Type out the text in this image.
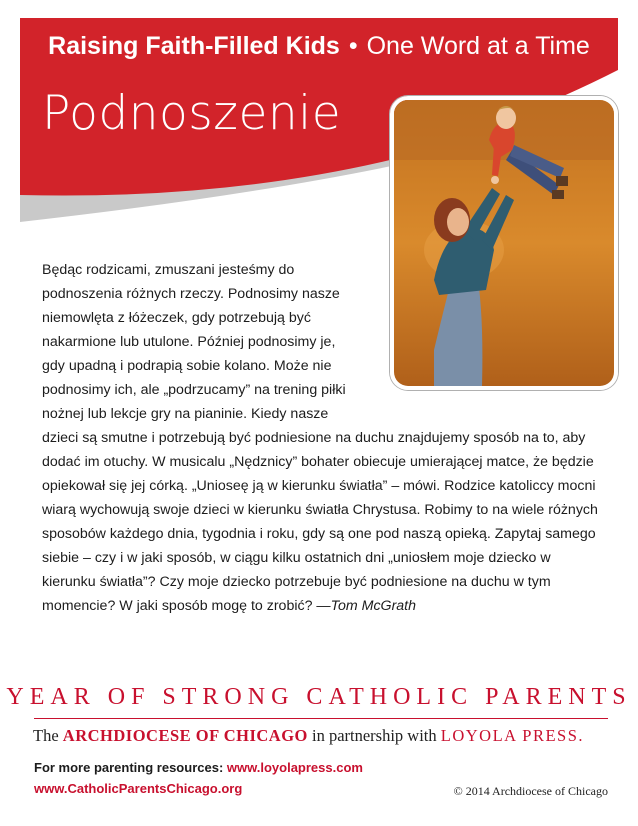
Raising Faith-Filled Kids • One Word at a Time
Podnoszenie
Będąc rodzicami, zmuszani jesteśmy do podnoszenia różnych rzeczy. Podnosimy nasze niemowlęta z łóżeczek, gdy potrzebują być nakarmione lub utulone. Później podnosimy je, gdy upadną i podrapią sobie kolano. Może nie podnosimy ich, ale „podrzucamy” na trening piłki nożnej lub lekcje gry na pianinie. Kiedy nasze dzieci są smutne i potrzebują być podniesione na duchu znajdujemy sposób na to, aby dodać im otuchy. W musicalu „Nędznicy” bohater obiecuje umierającej matce, że będzie opiekował się jej córką. „Unioseę ją w kierunku światła” – mówi. Rodzice katoliccy mocni wiarą wychowują swoje dzieci w kierunku światła Chrystusa. Robimy to na wiele różnych sposobów każdego dnia, tygodnia i roku, gdy są one pod naszą opieką. Zapytaj samego siebie – czy i w jaki sposób, w ciągu kilku ostatnich dni „uniosłem moje dziecko w kierunku światła”? Czy moje dziecko potrzebuje być podniesione na duchu w tym momencie? W jaki sposób mogę to zrobić? —Tom McGrath
YEAR OF STRONG CATHOLIC PARENTS
The ARCHDIOCESE OF CHICAGO in partnership with LOYOLA PRESS.
For more parenting resources: www.loyolapress.com
www.CatholicParentsChicago.org	© 2014 Archdiocese of Chicago
